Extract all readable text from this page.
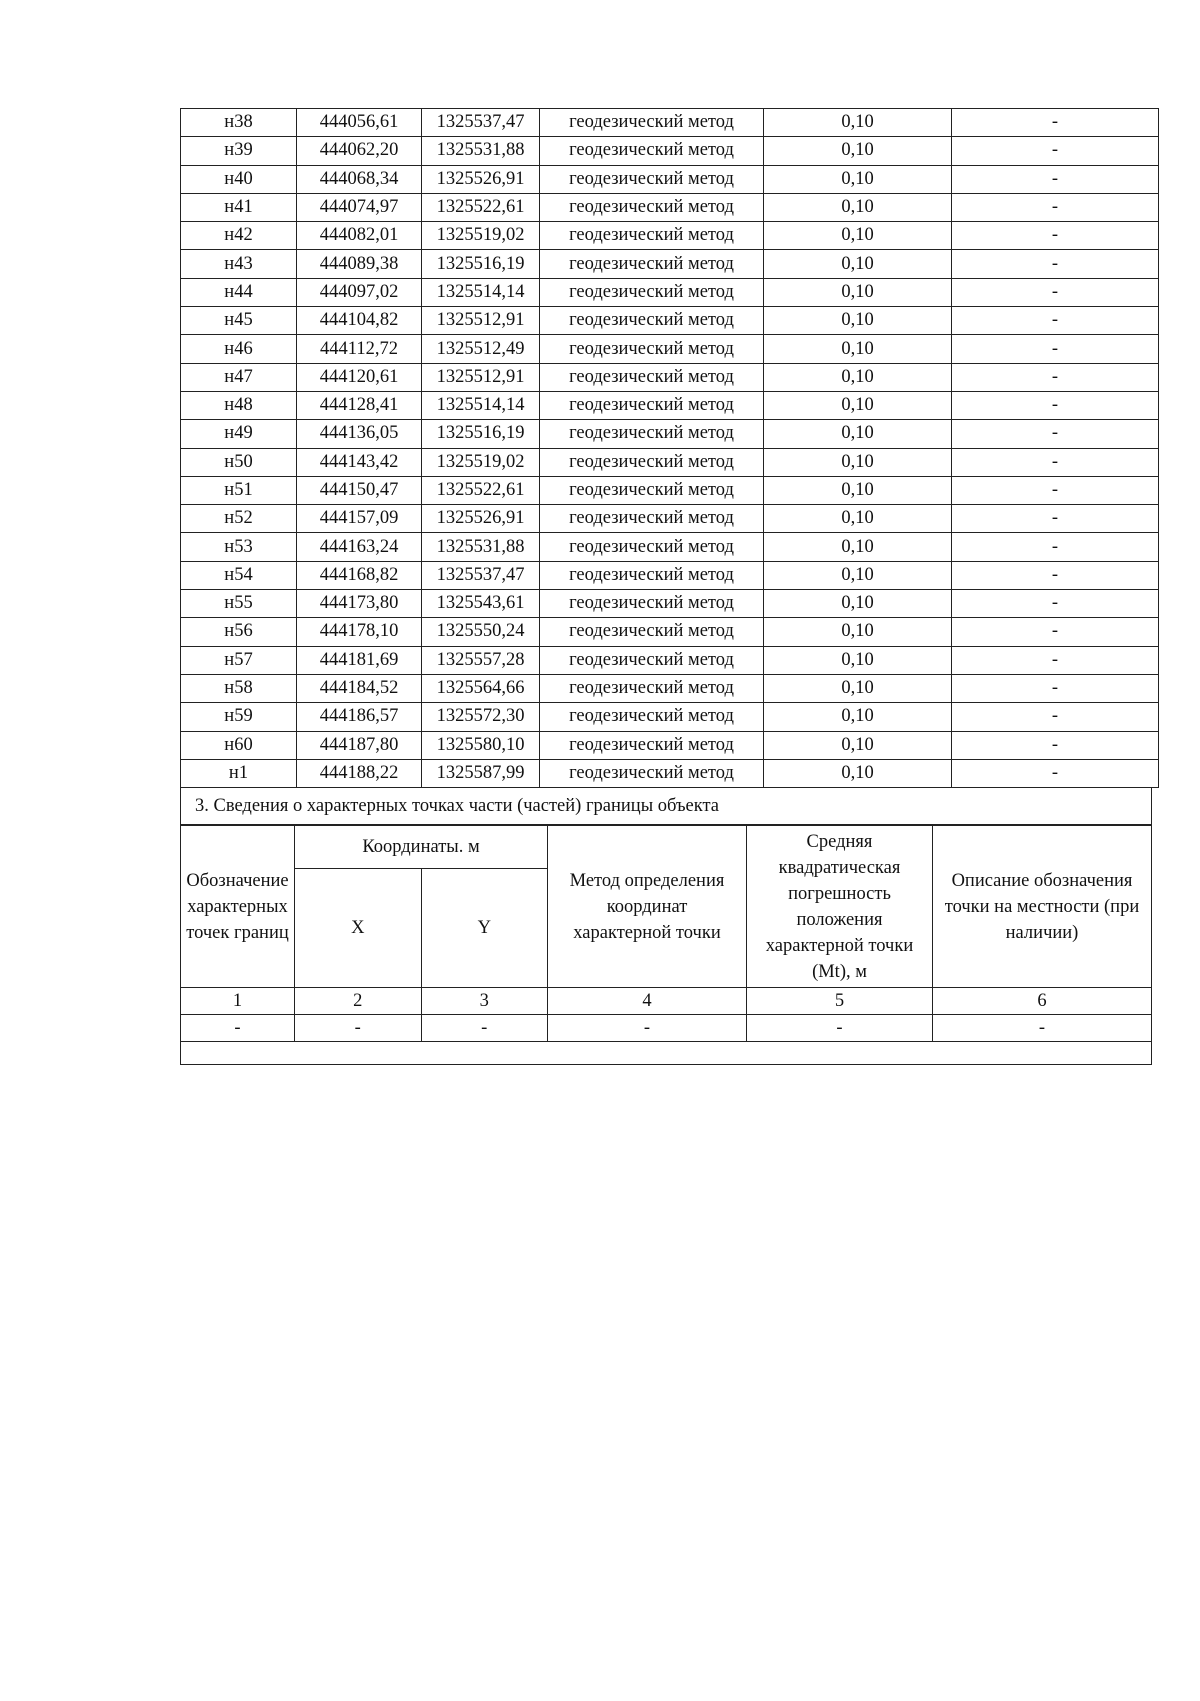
н38	444056,61	1325537,47	геодезический метод	0,10	-
н39	444062,20	1325531,88	геодезический метод	0,10	-
н40	444068,34	1325526,91	геодезический метод	0,10	-
н41	444074,97	1325522,61	геодезический метод	0,10	-
н42	444082,01	1325519,02	геодезический метод	0,10	-
н43	444089,38	1325516,19	геодезический метод	0,10	-
н44	444097,02	1325514,14	геодезический метод	0,10	-
н45	444104,82	1325512,91	геодезический метод	0,10	-
н46	444112,72	1325512,49	геодезический метод	0,10	-
н47	444120,61	1325512,91	геодезический метод	0,10	-
н48	444128,41	1325514,14	геодезический метод	0,10	-
н49	444136,05	1325516,19	геодезический метод	0,10	-
н50	444143,42	1325519,02	геодезический метод	0,10	-
н51	444150,47	1325522,61	геодезический метод	0,10	-
н52	444157,09	1325526,91	геодезический метод	0,10	-
н53	444163,24	1325531,88	геодезический метод	0,10	-
н54	444168,82	1325537,47	геодезический метод	0,10	-
н55	444173,80	1325543,61	геодезический метод	0,10	-
н56	444178,10	1325550,24	геодезический метод	0,10	-
н57	444181,69	1325557,28	геодезический метод	0,10	-
н58	444184,52	1325564,66	геодезический метод	0,10	-
н59	444186,57	1325572,30	геодезический метод	0,10	-
н60	444187,80	1325580,10	геодезический метод	0,10	-
н1	444188,22	1325587,99	геодезический метод	0,10	-
3. Сведения о характерных точках части (частей) границы объекта
Обозначение характерных точек границ	Координаты. м		Метод определения координат характерной точки	Средняя квадратическая погрешность положения характерной точки (Mt), м	Описание обозначения точки на местности (при наличии)
	X	Y			
1	2	3	4	5	6
-	-	-	-	-	-
